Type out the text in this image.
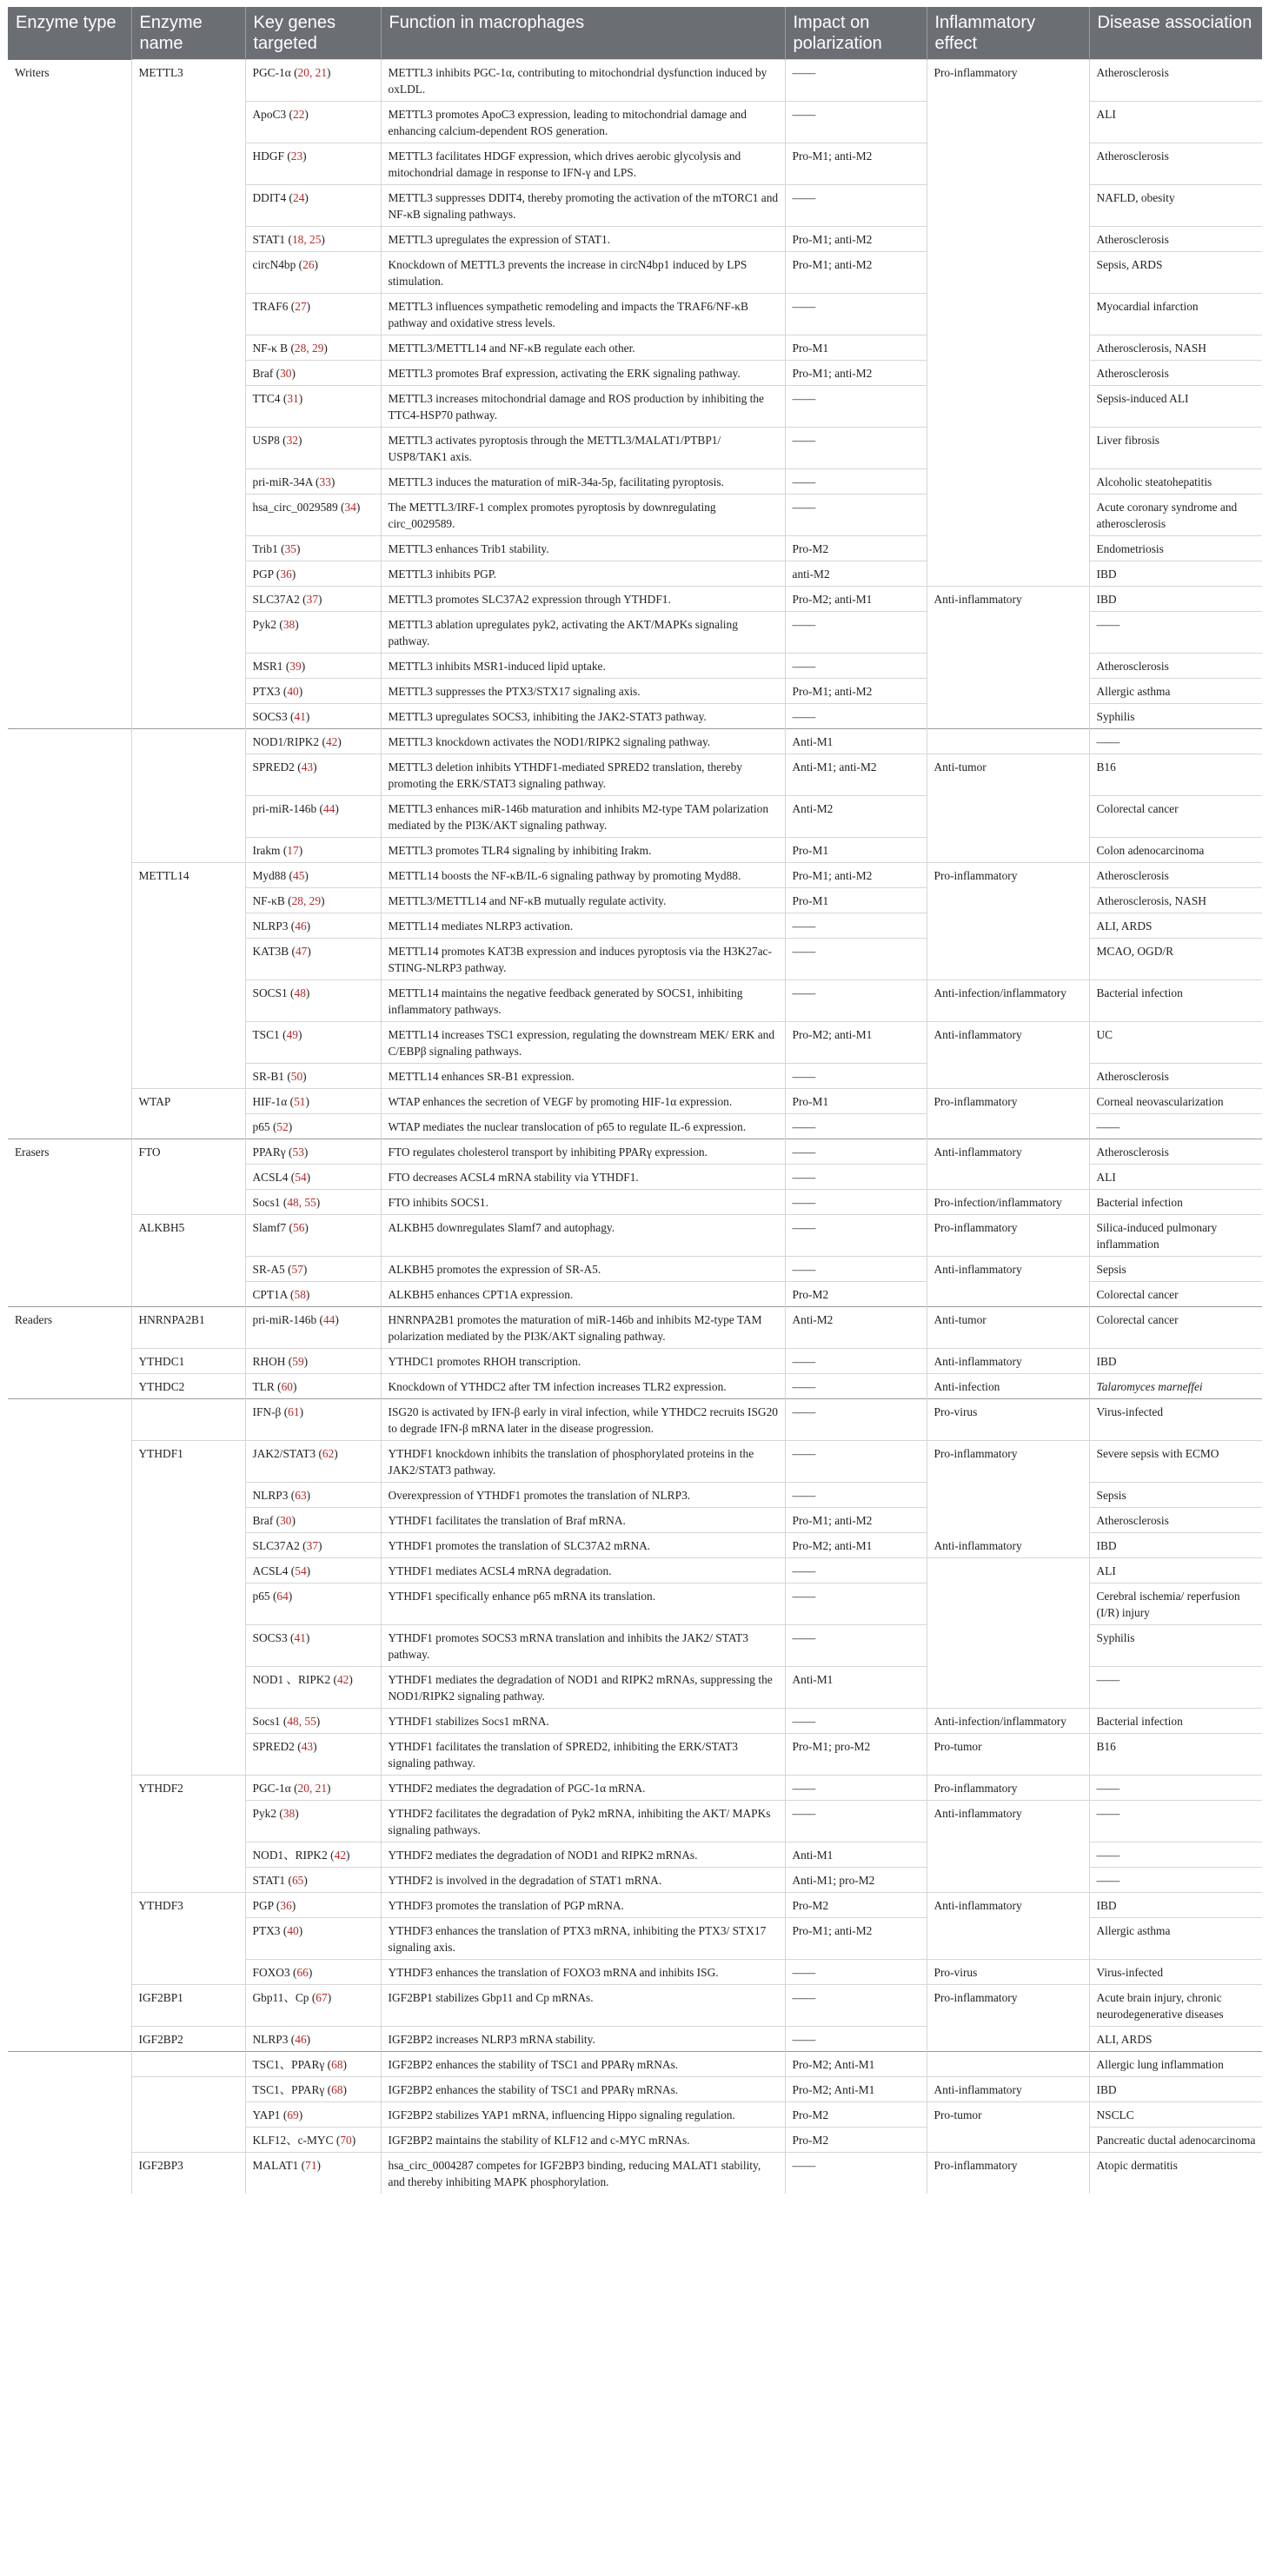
Enzyme type	Enzyme name	Key genes targeted	Function in macrophages	Impact on polarization	Inflammatory effect	Disease association
Writers	METTL3	PGC-1α (20, 21)	METTL3 inhibits PGC-1α, contributing to mitochondrial dysfunction induced by oxLDL.	——	Pro-inflammatory	Atherosclerosis
		ApoC3 (22)	METTL3 promotes ApoC3 expression, leading to mitochondrial damage and enhancing calcium-dependent ROS generation.	——		ALI
		HDGF (23)	METTL3 facilitates HDGF expression, which drives aerobic glycolysis and mitochondrial damage in response to IFN-γ and LPS.	Pro-M1; anti-M2		Atherosclerosis
		DDIT4 (24)	METTL3 suppresses DDIT4, thereby promoting the activation of the mTORC1 and NF-κB signaling pathways.	——		NAFLD, obesity
		STAT1 (18, 25)	METTL3 upregulates the expression of STAT1.	Pro-M1; anti-M2		Atherosclerosis
		circN4bp (26)	Knockdown of METTL3 prevents the increase in circN4bp1 induced by LPS stimulation.	Pro-M1; anti-M2		Sepsis, ARDS
		TRAF6 (27)	METTL3 influences sympathetic remodeling and impacts the TRAF6/NF-κB pathway and oxidative stress levels.	——		Myocardial infarction
		NF-κ B (28, 29)	METTL3/METTL14 and NF-κB regulate each other.	Pro-M1		Atherosclerosis, NASH
		Braf (30)	METTL3 promotes Braf expression, activating the ERK signaling pathway.	Pro-M1; anti-M2		Atherosclerosis
		TTC4 (31)	METTL3 increases mitochondrial damage and ROS production by inhibiting the TTC4-HSP70 pathway.	——		Sepsis-induced ALI
		USP8 (32)	METTL3 activates pyroptosis through the METTL3/MALAT1/PTBP1/ USP8/TAK1 axis.	——		Liver fibrosis
		pri-miR-34A (33)	METTL3 induces the maturation of miR-34a-5p, facilitating pyroptosis.	——		Alcoholic steatohepatitis
		hsa_circ_0029589 (34)	The METTL3/IRF-1 complex promotes pyroptosis by downregulating circ_0029589.	——		Acute coronary syndrome and atherosclerosis
		Trib1 (35)	METTL3 enhances Trib1 stability.	Pro-M2		Endometriosis
		PGP (36)	METTL3 inhibits PGP.	anti-M2		IBD
		SLC37A2 (37)	METTL3 promotes SLC37A2 expression through YTHDF1.	Pro-M2; anti-M1	Anti-inflammatory	IBD
		Pyk2 (38)	METTL3 ablation upregulates pyk2, activating the AKT/MAPKs signaling pathway.	——		——
		MSR1 (39)	METTL3 inhibits MSR1-induced lipid uptake.	——		Atherosclerosis
		PTX3 (40)	METTL3 suppresses the PTX3/STX17 signaling axis.	Pro-M1; anti-M2		Allergic asthma
		SOCS3 (41)	METTL3 upregulates SOCS3, inhibiting the JAK2-STAT3 pathway.	——		Syphilis
		NOD1/RIPK2 (42)	METTL3 knockdown activates the NOD1/RIPK2 signaling pathway.	Anti-M1		——
		SPRED2 (43)	METTL3 deletion inhibits YTHDF1-mediated SPRED2 translation, thereby promoting the ERK/STAT3 signaling pathway.	Anti-M1; anti-M2	Anti-tumor	B16
		pri-miR-146b (44)	METTL3 enhances miR-146b maturation and inhibits M2-type TAM polarization mediated by the PI3K/AKT signaling pathway.	Anti-M2		Colorectal cancer
		Irakm (17)	METTL3 promotes TLR4 signaling by inhibiting Irakm.	Pro-M1		Colon adenocarcinoma
	METTL14	Myd88 (45)	METTL14 boosts the NF-κB/IL-6 signaling pathway by promoting Myd88.	Pro-M1; anti-M2	Pro-inflammatory	Atherosclerosis
		NF-κB (28, 29)	METTL3/METTL14 and NF-κB mutually regulate activity.	Pro-M1		Atherosclerosis, NASH
		NLRP3 (46)	METTL14 mediates NLRP3 activation.	——		ALI, ARDS
		KAT3B (47)	METTL14 promotes KAT3B expression and induces pyroptosis via the H3K27ac-STING-NLRP3 pathway.	——		MCAO, OGD/R
		SOCS1 (48)	METTL14 maintains the negative feedback generated by SOCS1, inhibiting inflammatory pathways.	——	Anti-infection/inflammatory	Bacterial infection
		TSC1 (49)	METTL14 increases TSC1 expression, regulating the downstream MEK/ ERK and C/EBPβ signaling pathways.	Pro-M2; anti-M1	Anti-inflammatory	UC
		SR-B1 (50)	METTL14 enhances SR-B1 expression.	——		Atherosclerosis
	WTAP	HIF-1α (51)	WTAP enhances the secretion of VEGF by promoting HIF-1α expression.	Pro-M1	Pro-inflammatory	Corneal neovascularization
		p65 (52)	WTAP mediates the nuclear translocation of p65 to regulate IL-6 expression.	——		——
Erasers	FTO	PPARγ (53)	FTO regulates cholesterol transport by inhibiting PPARγ expression.	——	Anti-inflammatory	Atherosclerosis
		ACSL4 (54)	FTO decreases ACSL4 mRNA stability via YTHDF1.	——		ALI
		Socs1 (48, 55)	FTO inhibits SOCS1.	——	Pro-infection/inflammatory	Bacterial infection
	ALKBH5	Slamf7 (56)	ALKBH5 downregulates Slamf7 and autophagy.	——	Pro-inflammatory	Silica-induced pulmonary inflammation
		SR-A5 (57)	ALKBH5 promotes the expression of SR-A5.	——	Anti-inflammatory	Sepsis
		CPT1A (58)	ALKBH5 enhances CPT1A expression.	Pro-M2		Colorectal cancer
Readers	HNRNPA2B1	pri-miR-146b (44)	HNRNPA2B1 promotes the maturation of miR-146b and inhibits M2-type TAM polarization mediated by the PI3K/AKT signaling pathway.	Anti-M2	Anti-tumor	Colorectal cancer
	YTHDC1	RHOH (59)	YTHDC1 promotes RHOH transcription.	——	Anti-inflammatory	IBD
	YTHDC2	TLR (60)	Knockdown of YTHDC2 after TM infection increases TLR2 expression.	——	Anti-infection	Talaromyces marneffei
		IFN-β (61)	ISG20 is activated by IFN-β early in viral infection, while YTHDC2 recruits ISG20 to degrade IFN-β mRNA later in the disease progression.	——	Pro-virus	Virus-infected
	YTHDF1	JAK2/STAT3 (62)	YTHDF1 knockdown inhibits the translation of phosphorylated proteins in the JAK2/STAT3 pathway.	——	Pro-inflammatory	Severe sepsis with ECMO
		NLRP3 (63)	Overexpression of YTHDF1 promotes the translation of NLRP3.	——		Sepsis
		Braf (30)	YTHDF1 facilitates the translation of Braf mRNA.	Pro-M1; anti-M2		Atherosclerosis
		SLC37A2 (37)	YTHDF1 promotes the translation of SLC37A2 mRNA.	Pro-M2; anti-M1	Anti-inflammatory	IBD
		ACSL4 (54)	YTHDF1 mediates ACSL4 mRNA degradation.	——		ALI
		p65 (64)	YTHDF1 specifically enhance p65 mRNA its translation.	——		Cerebral ischemia/ reperfusion (I/R) injury
		SOCS3 (41)	YTHDF1 promotes SOCS3 mRNA translation and inhibits the JAK2/ STAT3 pathway.	——		Syphilis
		NOD1 、RIPK2 (42)	YTHDF1 mediates the degradation of NOD1 and RIPK2 mRNAs, suppressing the NOD1/RIPK2 signaling pathway.	Anti-M1		——
		Socs1 (48, 55)	YTHDF1 stabilizes Socs1 mRNA.	——	Anti-infection/inflammatory	Bacterial infection
		SPRED2 (43)	YTHDF1 facilitates the translation of SPRED2, inhibiting the ERK/STAT3 signaling pathway.	Pro-M1; pro-M2	Pro-tumor	B16
	YTHDF2	PGC-1α (20, 21)	YTHDF2 mediates the degradation of PGC-1α mRNA.	——	Pro-inflammatory	——
		Pyk2 (38)	YTHDF2 facilitates the degradation of Pyk2 mRNA, inhibiting the AKT/ MAPKs signaling pathways.	——	Anti-inflammatory	——
		NOD1、RIPK2 (42)	YTHDF2 mediates the degradation of NOD1 and RIPK2 mRNAs.	Anti-M1		——
		STAT1 (65)	YTHDF2 is involved in the degradation of STAT1 mRNA.	Anti-M1; pro-M2		——
	YTHDF3	PGP (36)	YTHDF3 promotes the translation of PGP mRNA.	Pro-M2	Anti-inflammatory	IBD
		PTX3 (40)	YTHDF3 enhances the translation of PTX3 mRNA, inhibiting the PTX3/ STX17 signaling axis.	Pro-M1; anti-M2		Allergic asthma
		FOXO3 (66)	YTHDF3 enhances the translation of FOXO3 mRNA and inhibits ISG.	——	Pro-virus	Virus-infected
	IGF2BP1	Gbp11、Cp (67)	IGF2BP1 stabilizes Gbp11 and Cp mRNAs.	——	Pro-inflammatory	Acute brain injury, chronic neurodegenerative diseases
	IGF2BP2	NLRP3 (46)	IGF2BP2 increases NLRP3 mRNA stability.	——		ALI, ARDS
		TSC1、PPARγ (68)	IGF2BP2 enhances the stability of TSC1 and PPARγ mRNAs.	Pro-M2; Anti-M1		Allergic lung inflammation
		TSC1、PPARγ (68)	IGF2BP2 enhances the stability of TSC1 and PPARγ mRNAs.	Pro-M2; Anti-M1	Anti-inflammatory	IBD
		YAP1 (69)	IGF2BP2 stabilizes YAP1 mRNA, influencing Hippo signaling regulation.	Pro-M2	Pro-tumor	NSCLC
		KLF12、c-MYC (70)	IGF2BP2 maintains the stability of KLF12 and c-MYC mRNAs.	Pro-M2		Pancreatic ductal adenocarcinoma
	IGF2BP3	MALAT1 (71)	hsa_circ_0004287 competes for IGF2BP3 binding, reducing MALAT1 stability, and thereby inhibiting MAPK phosphorylation.	——	Pro-inflammatory	Atopic dermatitis
